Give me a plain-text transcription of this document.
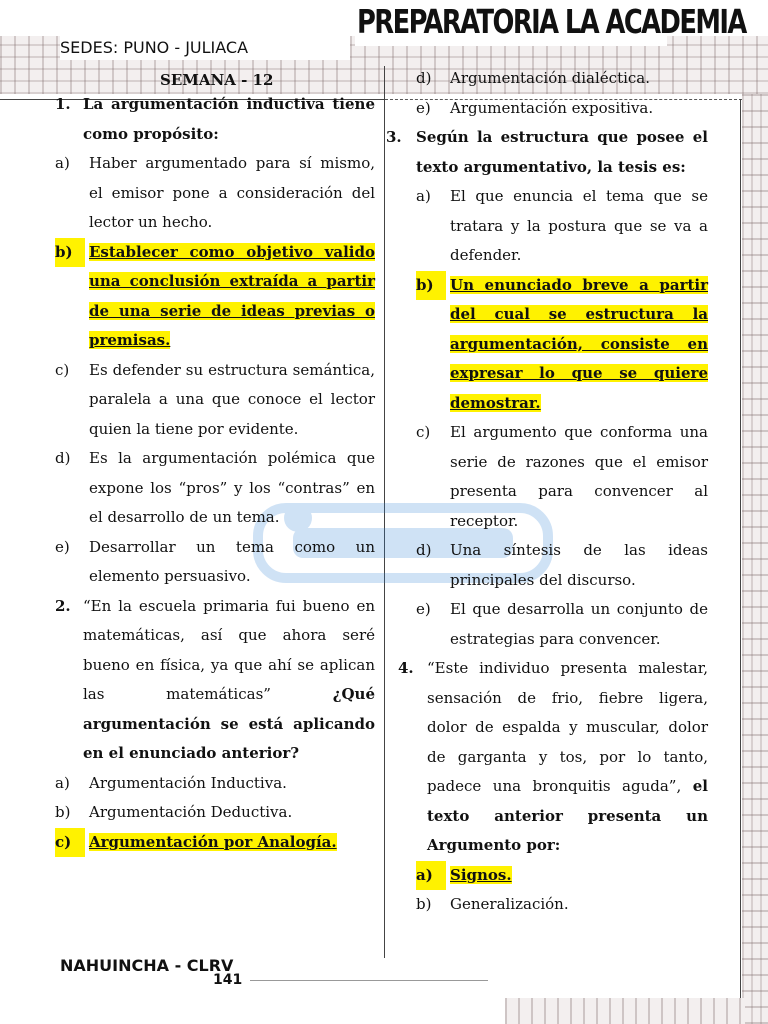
PREPARATORIA LA ACADEMIA
SEDES: PUNO - JULIACA
SEMANA - 12
1. La argumentación inductiva tiene como propósito:
a)	Haber argumentado para sí mismo, el emisor pone a consideración del lector un hecho.
b)	Establecer como objetivo valido una conclusión extraída a partir de una serie de ideas previas o premisas.
c)	Es defender su estructura semántica, paralela a una que conoce el lector quien la tiene por evidente.
d)	Es la argumentación polémica que expone los “pros” y los “contras” en el desarrollo de un tema.
e)	Desarrollar un tema como un elemento persuasivo.
2. “En la escuela primaria fui bueno en matemáticas, así que ahora seré bueno en física, ya que ahí se aplican las matemáticas”	¿Qué argumentación se está aplicando en el enunciado anterior?
a)	Argumentación Inductiva.
b)	Argumentación Deductiva.
c)	Argumentación por Analogía.
d)	Argumentación dialéctica.
e)	Argumentación expositiva.
3. Según la estructura que posee el texto argumentativo, la tesis es:
a)	El que enuncia el tema que se tratara y la postura que se va a defender.
b)	Un enunciado breve a partir del cual se estructura la argumentación, consiste en expresar lo que se quiere demostrar.
c)	El argumento que conforma una serie de razones que el emisor presenta para convencer al receptor.
d)	Una síntesis de las ideas principales del discurso.
e)	El que desarrolla un conjunto de estrategias para convencer.
4. “Este individuo presenta malestar, sensación de frio, fiebre ligera, dolor de espalda y muscular, dolor de garganta y tos, por lo tanto, padece una bronquitis aguda”, el texto anterior presenta un Argumento por:
a)	Signos.
b)	Generalización.
NAHUINCHA - CLRV
141
